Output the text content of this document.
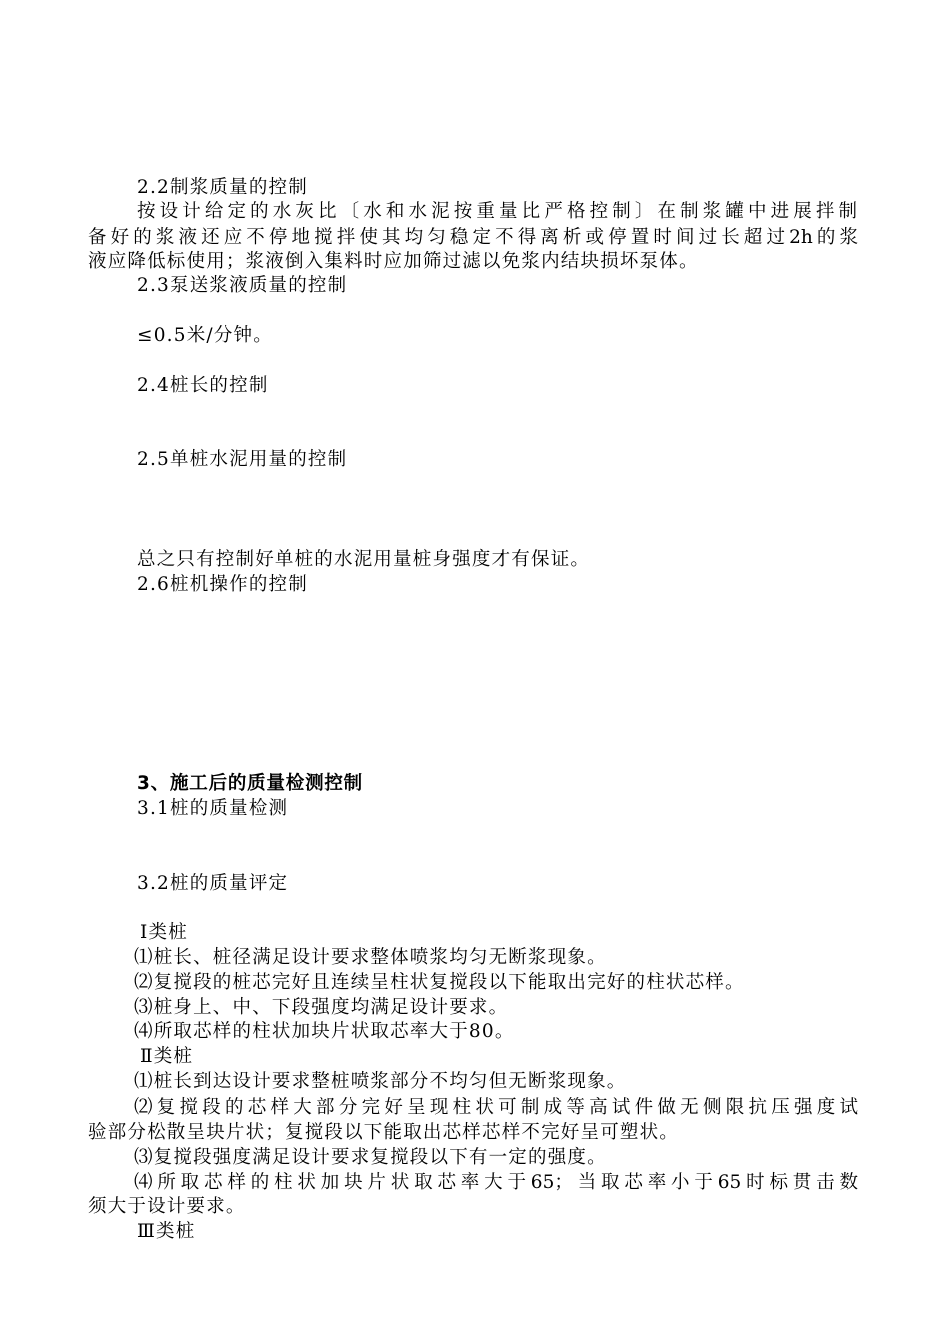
2.2制浆质量的控制
按设计给定的水灰比〔水和水泥按重量比严格控制〕在制浆罐中进展拌制
备好的浆液还应不停地搅拌使其均匀稳定不得离析或停置时间过长超过2h的浆
液应降低标使用；浆液倒入集料时应加筛过滤以免浆内结块损坏泵体。
2.3泵送浆液质量的控制
≤0.5米/分钟。
2.4桩长的控制
2.5单桩水泥用量的控制
总之只有控制好单桩的水泥用量桩身强度才有保证。
2.6桩机操作的控制
3、施工后的质量检测控制
3.1桩的质量检测
3.2桩的质量评定
Ⅰ类桩
⑴桩长、桩径满足设计要求整体喷浆均匀无断浆现象。
⑵复搅段的桩芯完好且连续呈柱状复搅段以下能取出完好的柱状芯样。
⑶桩身上、中、下段强度均满足设计要求。
⑷所取芯样的柱状加块片状取芯率大于80。
Ⅱ类桩
⑴桩长到达设计要求整桩喷浆部分不均匀但无断浆现象。
⑵复搅段的芯样大部分完好呈现柱状可制成等高试件做无侧限抗压强度试
验部分松散呈块片状；复搅段以下能取出芯样芯样不完好呈可塑状。
⑶复搅段强度满足设计要求复搅段以下有一定的强度。
⑷所取芯样的柱状加块片状取芯率大于65；当取芯率小于65时标贯击数
须大于设计要求。
Ⅲ类桩
